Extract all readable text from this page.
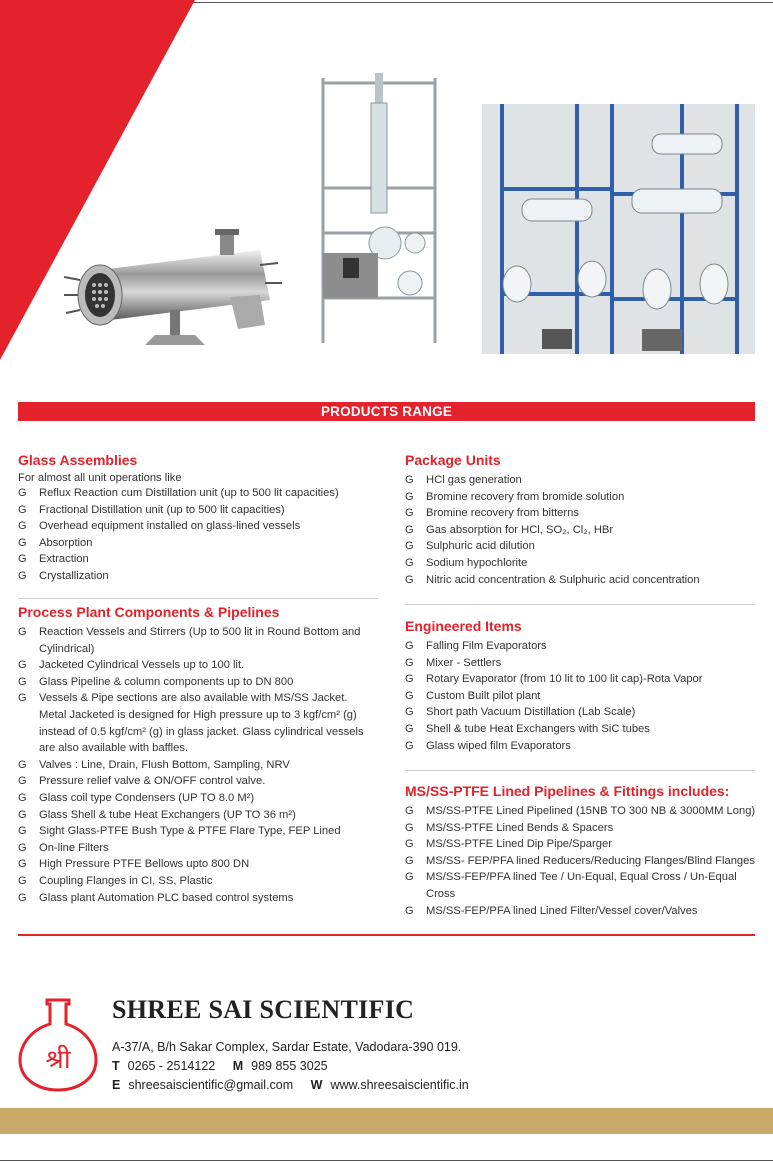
PRODUCTS RANGE
Glass Assemblies
For almost all unit operations like
G Reflux Reaction cum Distillation unit (up to 500 lit capacities)
G Fractional Distillation unit (up to 500 lit capacities)
G Overhead equipment installed on glass-lined vessels
G Absorption
G Extraction
G Crystallization
Process Plant Components & Pipelines
G Reaction Vessels and Stirrers (Up to 500 lit in Round Bottom and Cylindrical)
G Jacketed Cylindrical Vessels up to 100 lit.
G Glass Pipeline & column components up to DN 800
G Vessels & Pipe sections are also available with MS/SS Jacket. Metal Jacketed is designed for High pressure up to 3 kgf/cm² (g) instead of 0.5 kgf/cm² (g) in glass jacket. Glass cylindrical vessels are also available with baffles.
G Valves : Line, Drain, Flush Bottom, Sampling, NRV
G Pressure relief valve & ON/OFF control valve.
G Glass coil type Condensers (UP TO 8.0 M²)
G Glass Shell & tube Heat Exchangers (UP TO 36 m²)
G Sight Glass-PTFE Bush Type & PTFE Flare Type, FEP Lined
G On-line Filters
G High Pressure PTFE Bellows upto 800 DN
G Coupling Flanges in CI, SS, Plastic
G Glass plant Automation PLC based control systems
Package Units
G HCl gas generation
G Bromine recovery from bromide solution
G Bromine recovery from bitterns
G Gas absorption for HCl, SO₂, Cl₂, HBr
G Sulphuric acid dilution
G Sodium hypochlorite
G Nitric acid concentration & Sulphuric acid concentration
Engineered Items
G Falling Film Evaporators
G Mixer - Settlers
G Rotary Evaporator (from 10 lit to 100 lit cap)-Rota Vapor
G Custom Built pilot plant
G Short path Vacuum Distillation (Lab Scale)
G Shell & tube Heat Exchangers with SiC tubes
G Glass wiped film Evaporators
MS/SS-PTFE Lined Pipelines & Fittings includes:
G MS/SS-PTFE Lined Pipelined (15NB TO 300 NB & 3000MM Long)
G MS/SS-PTFE Lined Bends & Spacers
G MS/SS-PTFE Lined Dip Pipe/Sparger
G MS/SS- FEP/PFA lined Reducers/Reducing Flanges/Blind Flanges
G MS/SS-FEP/PFA lined Tee / Un-Equal, Equal Cross / Un-Equal Cross
G MS/SS-FEP/PFA lined Lined Filter/Vessel cover/Valves
श्री
SHREE SAI SCIENTIFIC
A-37/A, B/h Sakar Complex, Sardar Estate, Vadodara-390 019.
T 0265 - 2514122 M 989 855 3025
E shreesaiscientific@gmail.com W www.shreesaiscientific.in
